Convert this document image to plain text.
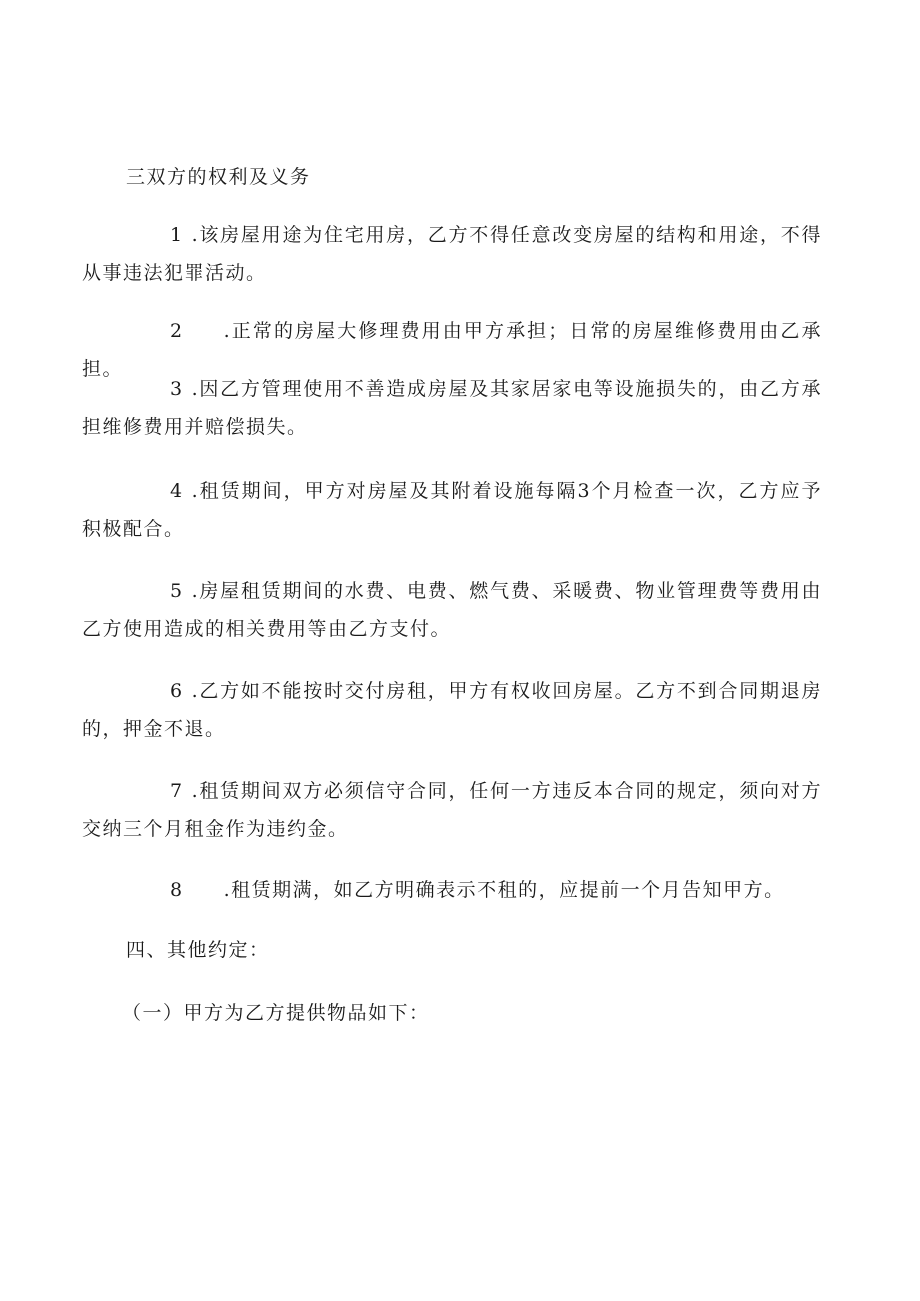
三双方的权利及义务

1 .该房屋用途为住宅用房，乙方不得任意改变房屋的结构和用途，不得从事违法犯罪活动。

2 .正常的房屋大修理费用由甲方承担；日常的房屋维修费用由乙承担。

3 .因乙方管理使用不善造成房屋及其家居家电等设施损失的，由乙方承担维修费用并赔偿损失。

4 .租赁期间，甲方对房屋及其附着设施每隔3个月检查一次，乙方应予积极配合。

5 .房屋租赁期间的水费、电费、燃气费、采暖费、物业管理费等费用由乙方使用造成的相关费用等由乙方支付。

6 .乙方如不能按时交付房租，甲方有权收回房屋。乙方不到合同期退房的，押金不退。

7 .租赁期间双方必须信守合同，任何一方违反本合同的规定，须向对方交纳三个月租金作为违约金。

8 .租赁期满，如乙方明确表示不租的，应提前一个月告知甲方。

四、其他约定：

（一）甲方为乙方提供物品如下：
